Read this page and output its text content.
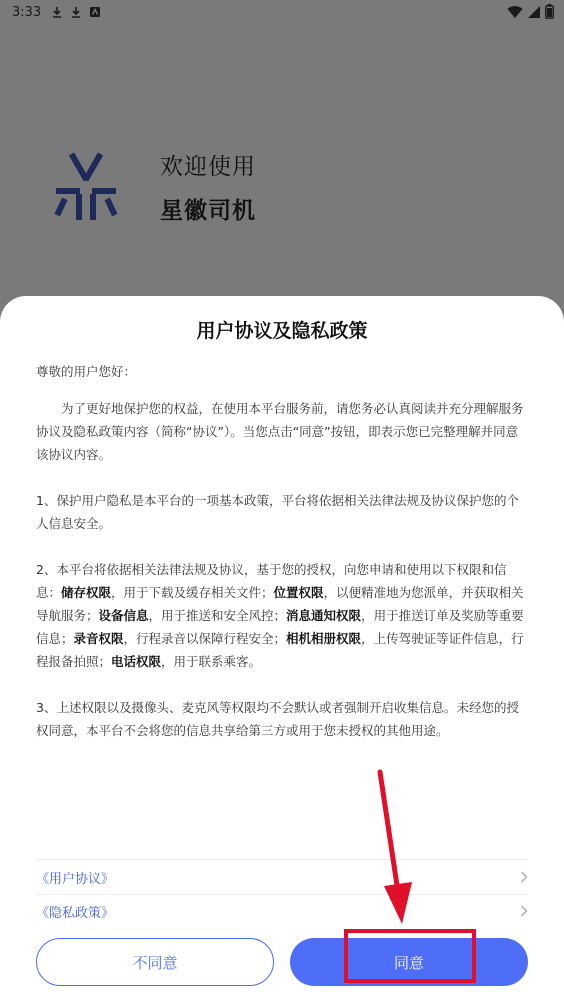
3:33
欢迎使用
星徽司机
用户协议及隐私政策

尊敬的用户您好：

为了更好地保护您的权益，在使用本平台服务前，请您务必认真阅读并充分理解服务协议及隐私政策内容（简称“协议”）。当您点击“同意”按钮，即表示您已完整理解并同意该协议内容。

1、保护用户隐私是本平台的一项基本政策，平台将依据相关法律法规及协议保护您的个人信息安全。

2、本平台将依据相关法律法规及协议，基于您的授权，向您申请和使用以下权限和信息：储存权限，用于下载及缓存相关文件；位置权限，以便精准地为您派单，并获取相关导航服务；设备信息，用于推送和安全风控；消息通知权限，用于推送订单及奖励等重要信息；录音权限，行程录音以保障行程安全；相机相册权限，上传驾驶证等证件信息，行程报备拍照；电话权限，用于联系乘客。

3、上述权限以及摄像头、麦克风等权限均不会默认或者强制开启收集信息。未经您的授权同意，本平台不会将您的信息共享给第三方或用于您未授权的其他用途。

《用户协议》
《隐私政策》
不同意	同意
